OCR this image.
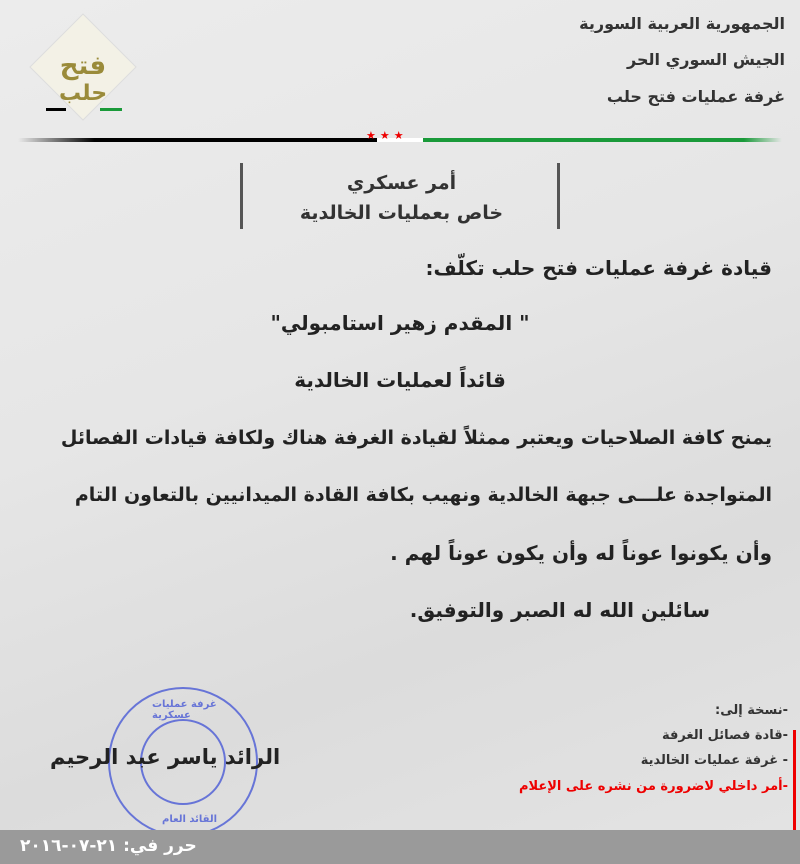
الجمهورية العربية السورية
الجيش السوري الحر
غرفة عمليات فتح حلب
فتح
حلب
★★★
أمر عسكري
خاص بعمليات الخالدية
قيادة غرفة عمليات فتح حلب تكلّف:
" المقدم زهير استامبولي"
قائداً لعمليات الخالدية
يمنح كافة الصلاحيات ويعتبر ممثلاً لقيادة الغرفة هناك ولكافة قيادات الفصائل
المتواجدة علـــى جبهة الخالدية ونهيب بكافة القادة الميدانيين بالتعاون التام
وأن يكونوا عوناً له وأن يكون عوناً لهم .
سائلين الله له الصبر والتوفيق.
-نسخة إلى:
-قادة فصائل الغرفة
- غرفة عمليات الخالدية
-أمر داخلي لاضرورة من نشره على الإعلام
غرفة عمليات عسكرية
القائد العام
الرائد ياسر عبد الرحيم
حرر في: ٢١-٠٧-٢٠١٦
